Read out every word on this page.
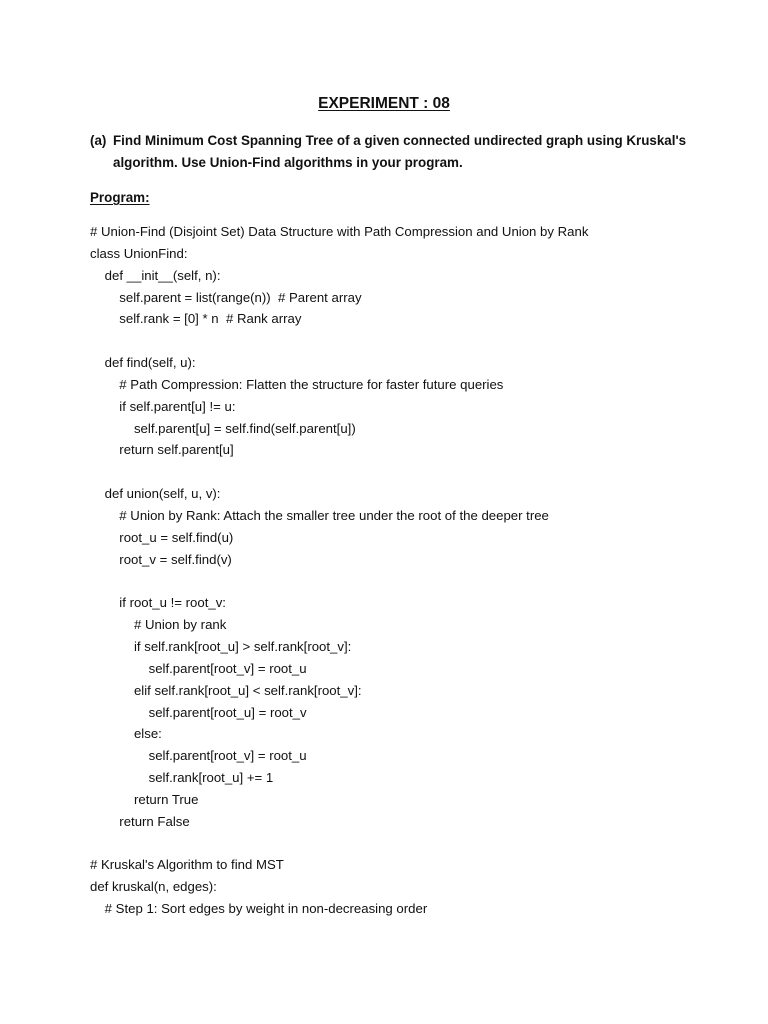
EXPERIMENT : 08
(a) Find Minimum Cost Spanning Tree of a given connected undirected graph using Kruskal's algorithm. Use Union-Find algorithms in your program.
Program:
# Union-Find (Disjoint Set) Data Structure with Path Compression and Union by Rank
class UnionFind:
def __init__(self, n):
self.parent = list(range(n))  # Parent array
self.rank = [0] * n  # Rank array
def find(self, u):
# Path Compression: Flatten the structure for faster future queries
if self.parent[u] != u:
self.parent[u] = self.find(self.parent[u])
return self.parent[u]
def union(self, u, v):
# Union by Rank: Attach the smaller tree under the root of the deeper tree
root_u = self.find(u)
root_v = self.find(v)
if root_u != root_v:
# Union by rank
if self.rank[root_u] > self.rank[root_v]:
self.parent[root_v] = root_u
elif self.rank[root_u] < self.rank[root_v]:
self.parent[root_u] = root_v
else:
self.parent[root_v] = root_u
self.rank[root_u] += 1
return True
return False
# Kruskal's Algorithm to find MST
def kruskal(n, edges):
# Step 1: Sort edges by weight in non-decreasing order
